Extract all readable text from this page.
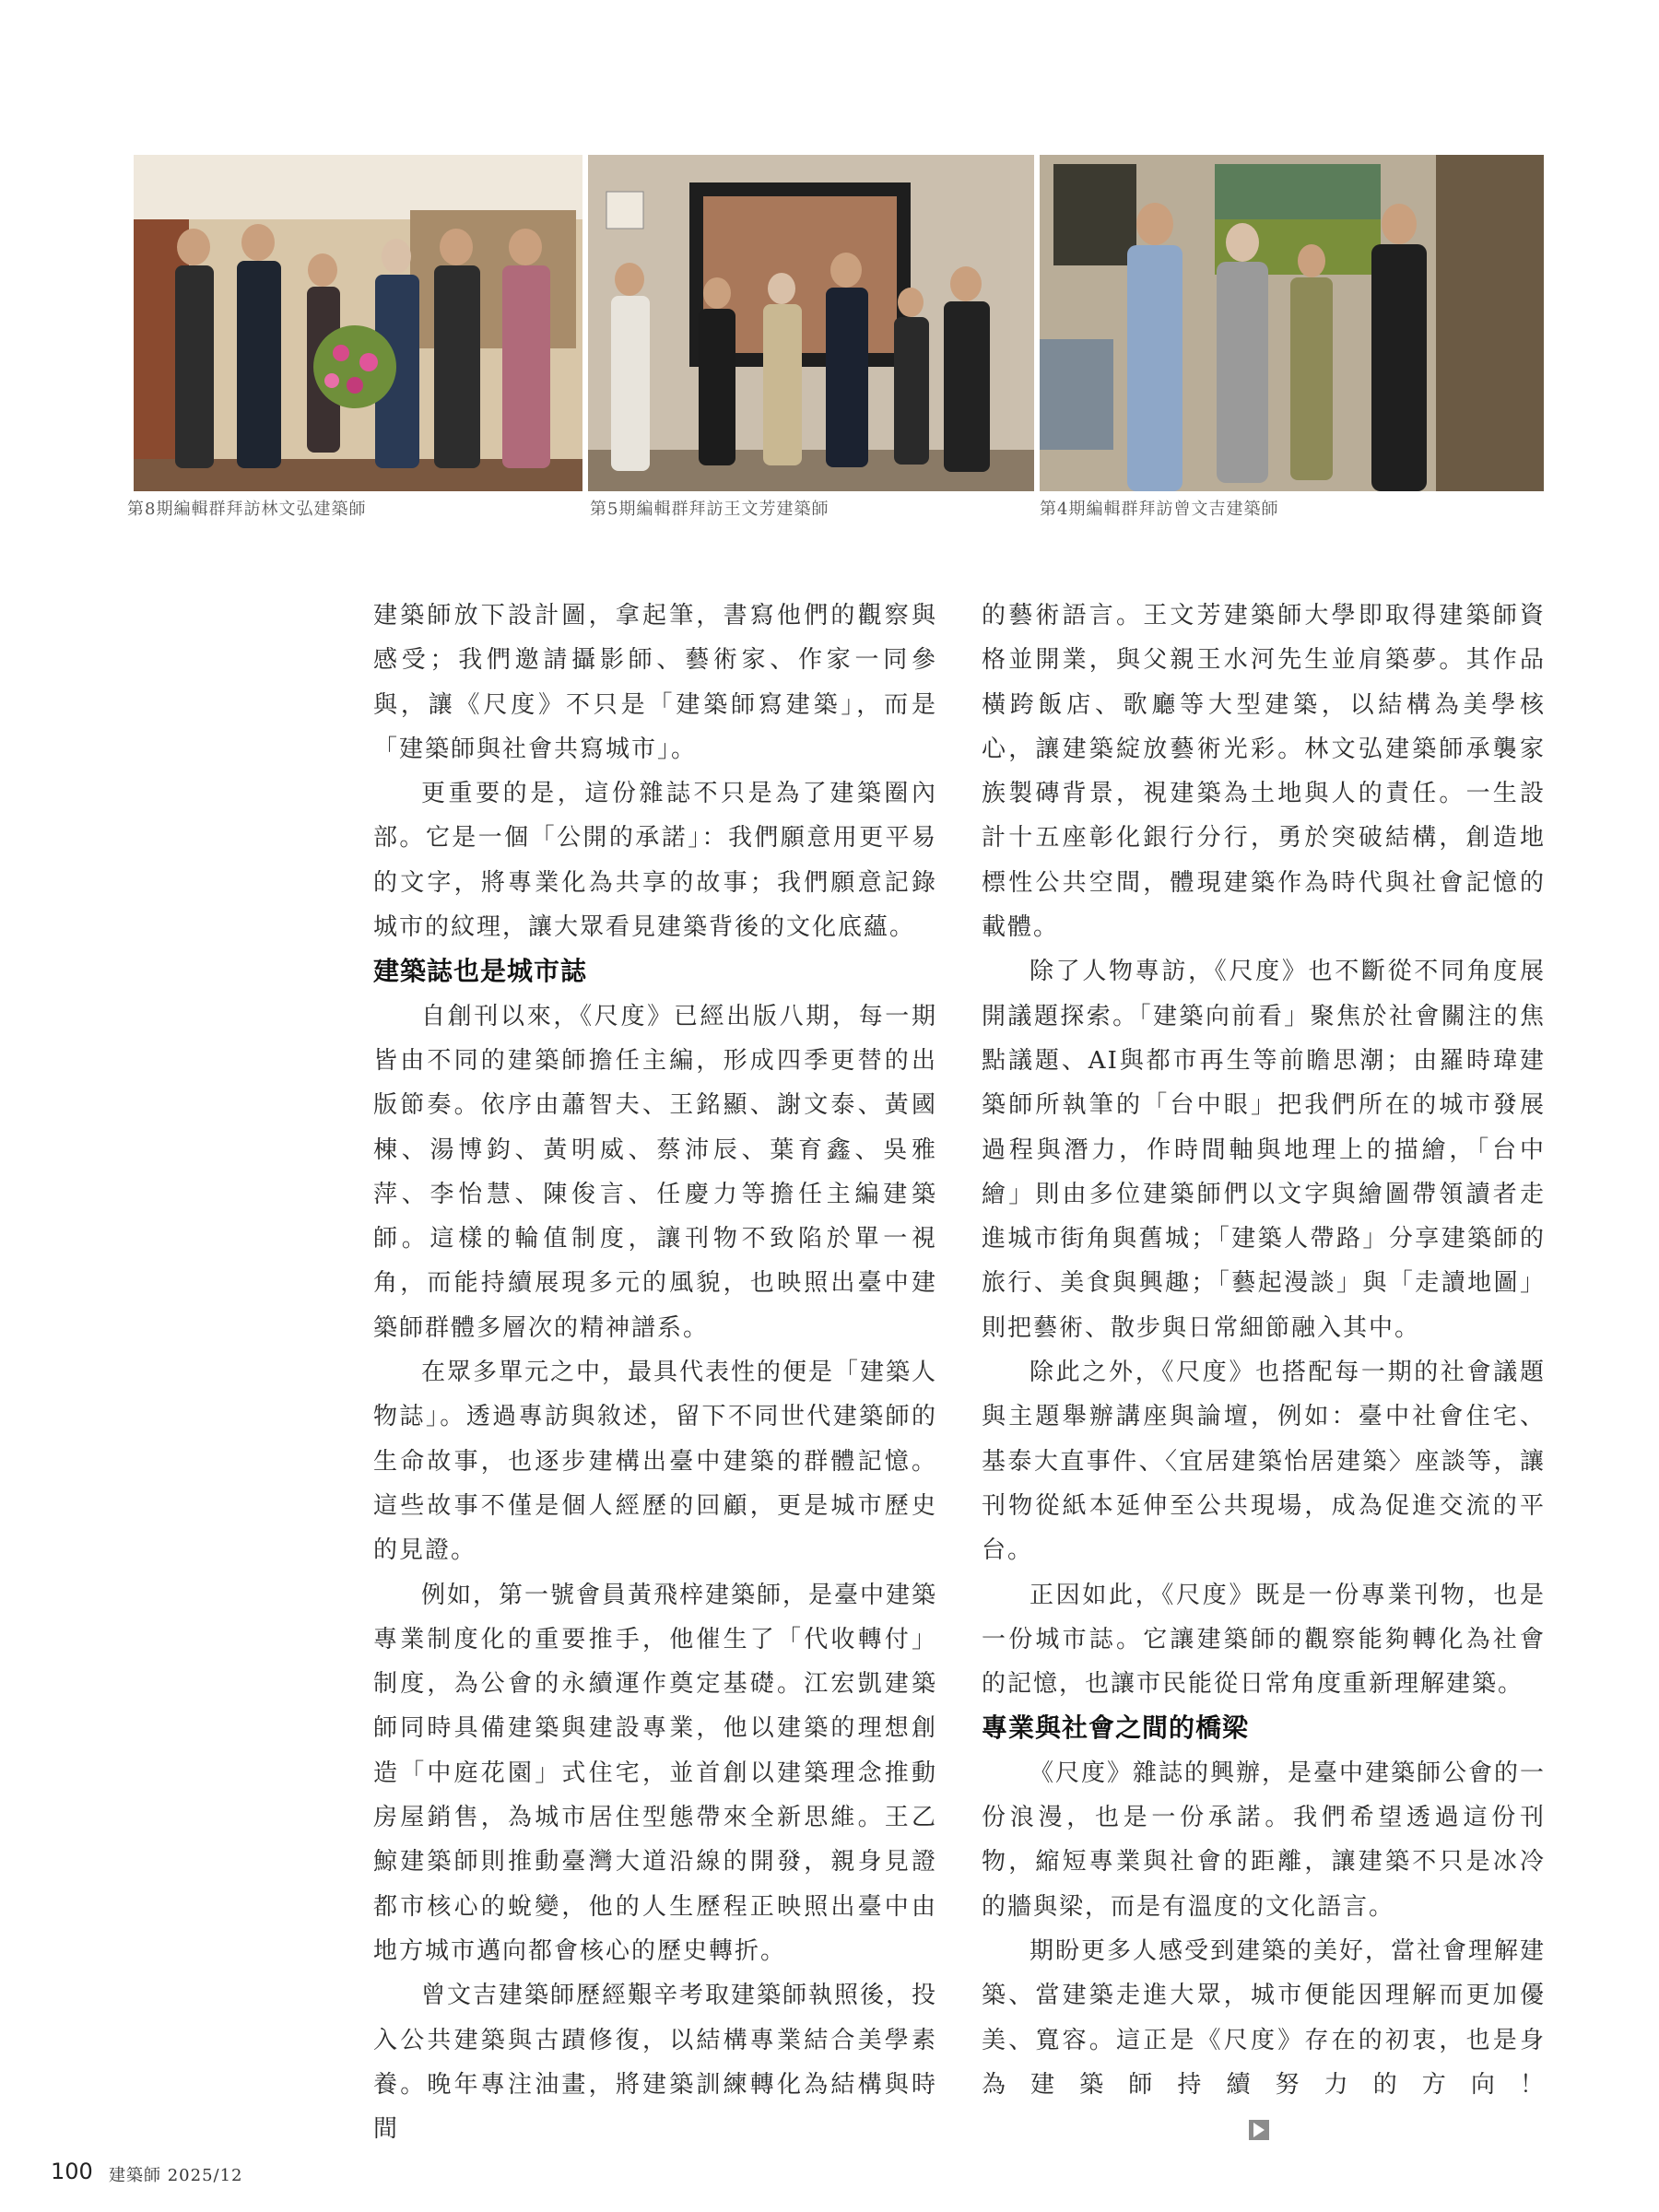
第8期編輯群拜訪林文弘建築師	第5期編輯群拜訪王文芳建築師	第4期編輯群拜訪曾文吉建築師

建築師放下設計圖，拿起筆，書寫他們的觀察與感受；我們邀請攝影師、藝術家、作家一同參與，讓《尺度》不只是「建築師寫建築」，而是「建築師與社會共寫城市」。

更重要的是，這份雜誌不只是為了建築圈內部。它是一個「公開的承諾」：我們願意用更平易的文字，將專業化為共享的故事；我們願意記錄城市的紋理，讓大眾看見建築背後的文化底蘊。

建築誌也是城市誌

自創刊以來，《尺度》已經出版八期，每一期皆由不同的建築師擔任主編，形成四季更替的出版節奏。依序由蕭智夫、王銘顯、謝文泰、黃國棟、湯博鈞、黃明威、蔡沛辰、葉育鑫、吳雅萍、李怡慧、陳俊言、任慶力等擔任主編建築師。這樣的輪值制度，讓刊物不致陷於單一視角，而能持續展現多元的風貌，也映照出臺中建築師群體多層次的精神譜系。

在眾多單元之中，最具代表性的便是「建築人物誌」。透過專訪與敘述，留下不同世代建築師的生命故事，也逐步建構出臺中建築的群體記憶。這些故事不僅是個人經歷的回顧，更是城市歷史的見證。

例如，第一號會員黃飛梓建築師，是臺中建築專業制度化的重要推手，他催生了「代收轉付」制度，為公會的永續運作奠定基礎。江宏凱建築師同時具備建築與建設專業，他以建築的理想創造「中庭花園」式住宅，並首創以建築理念推動房屋銷售，為城市居住型態帶來全新思維。王乙鯨建築師則推動臺灣大道沿線的開發，親身見證都市核心的蛻變，他的人生歷程正映照出臺中由地方城市邁向都會核心的歷史轉折。

曾文吉建築師歷經艱辛考取建築師執照後，投入公共建築與古蹟修復，以結構專業結合美學素養。晚年專注油畫，將建築訓練轉化為結構與時間

的藝術語言。王文芳建築師大學即取得建築師資格並開業，與父親王水河先生並肩築夢。其作品橫跨飯店、歌廳等大型建築，以結構為美學核心，讓建築綻放藝術光彩。林文弘建築師承襲家族製磚背景，視建築為土地與人的責任。一生設計十五座彰化銀行分行，勇於突破結構，創造地標性公共空間，體現建築作為時代與社會記憶的載體。

除了人物專訪，《尺度》也不斷從不同角度展開議題探索。「建築向前看」聚焦於社會關注的焦點議題、AI與都市再生等前瞻思潮；由羅時瑋建築師所執筆的「台中眼」把我們所在的城市發展過程與潛力，作時間軸與地理上的描繪，「台中繪」則由多位建築師們以文字與繪圖帶領讀者走進城市街角與舊城；「建築人帶路」分享建築師的旅行、美食與興趣；「藝起漫談」與「走讀地圖」則把藝術、散步與日常細節融入其中。

除此之外，《尺度》也搭配每一期的社會議題與主題舉辦講座與論壇，例如：臺中社會住宅、基泰大直事件、〈宜居建築怡居建築〉座談等，讓刊物從紙本延伸至公共現場，成為促進交流的平台。

正因如此，《尺度》既是一份專業刊物，也是一份城市誌。它讓建築師的觀察能夠轉化為社會的記憶，也讓市民能從日常角度重新理解建築。

專業與社會之間的橋梁

《尺度》雜誌的興辦，是臺中建築師公會的一份浪漫，也是一份承諾。我們希望透過這份刊物，縮短專業與社會的距離，讓建築不只是冰冷的牆與梁，而是有溫度的文化語言。

期盼更多人感受到建築的美好，當社會理解建築、當建築走進大眾，城市便能因理解而更加優美、寬容。這正是《尺度》存在的初衷，也是身為建築師持續努力的方向！

100 建築師 2025/12
